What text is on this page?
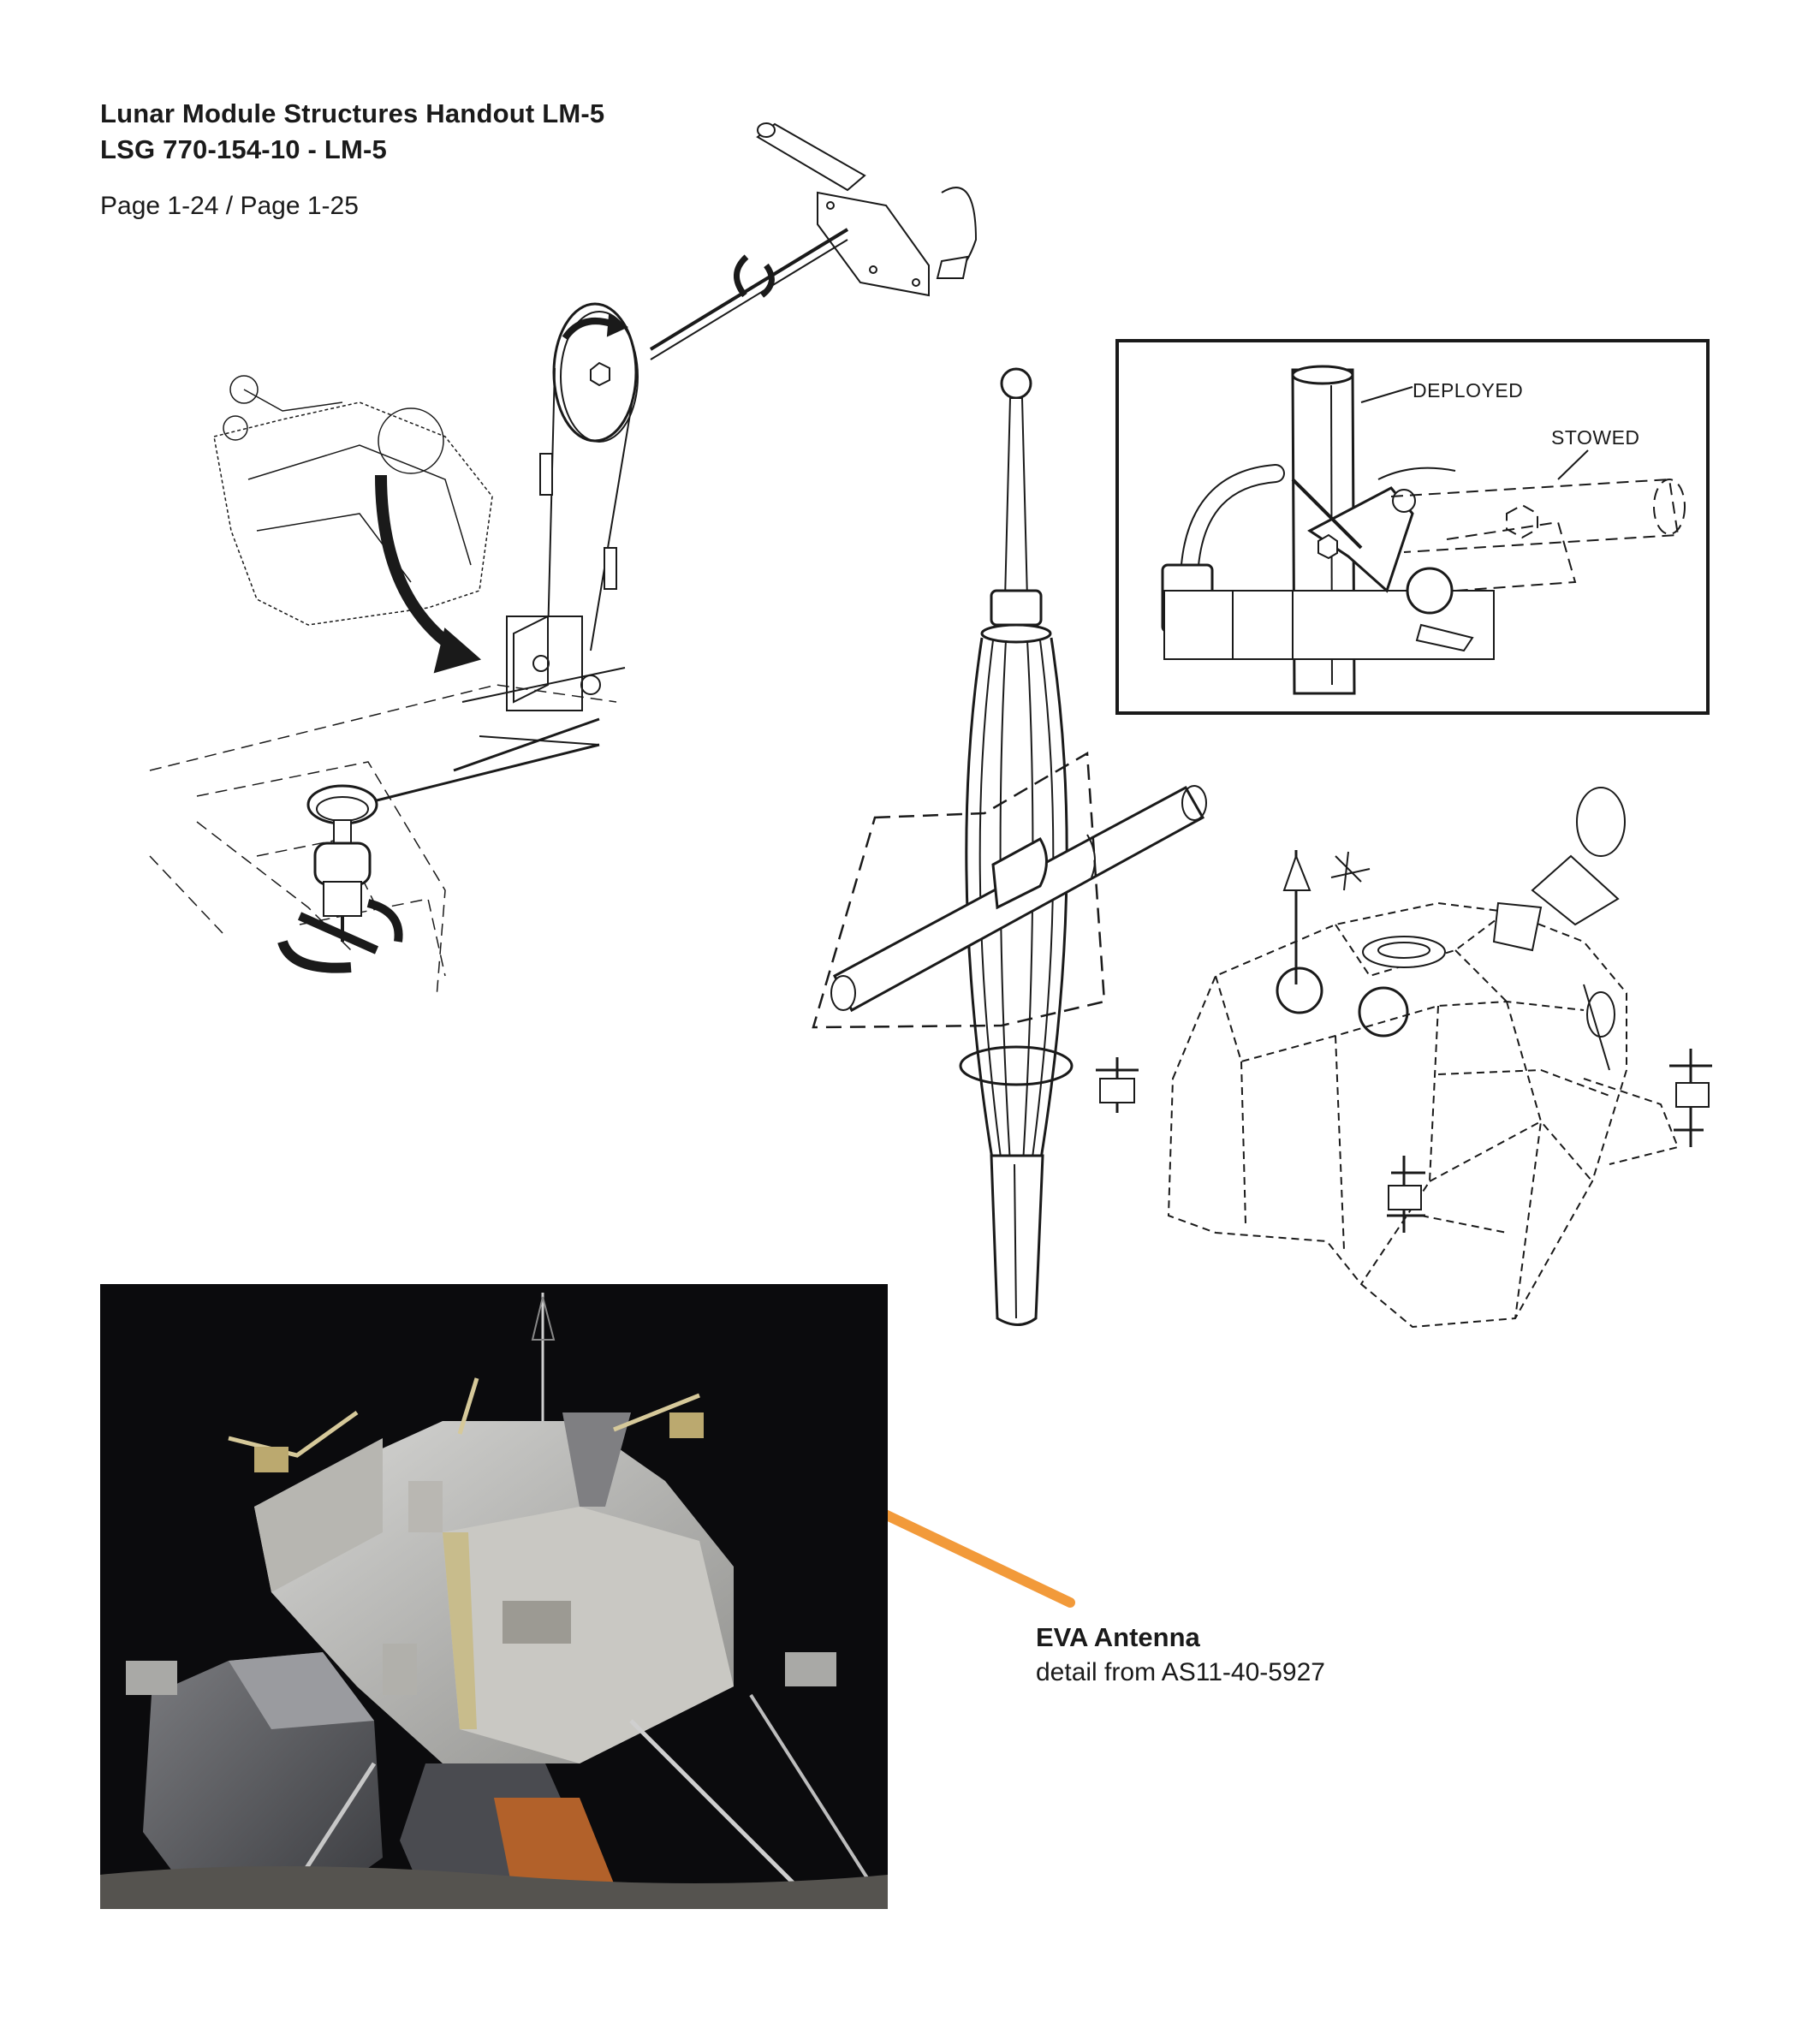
Lunar Module Structures Handout LM-5
LSG 770-154-10 - LM-5
Page 1-24 / Page 1-25
DEPLOYED
STOWED
EVA Antenna
detail from AS11-40-5927
